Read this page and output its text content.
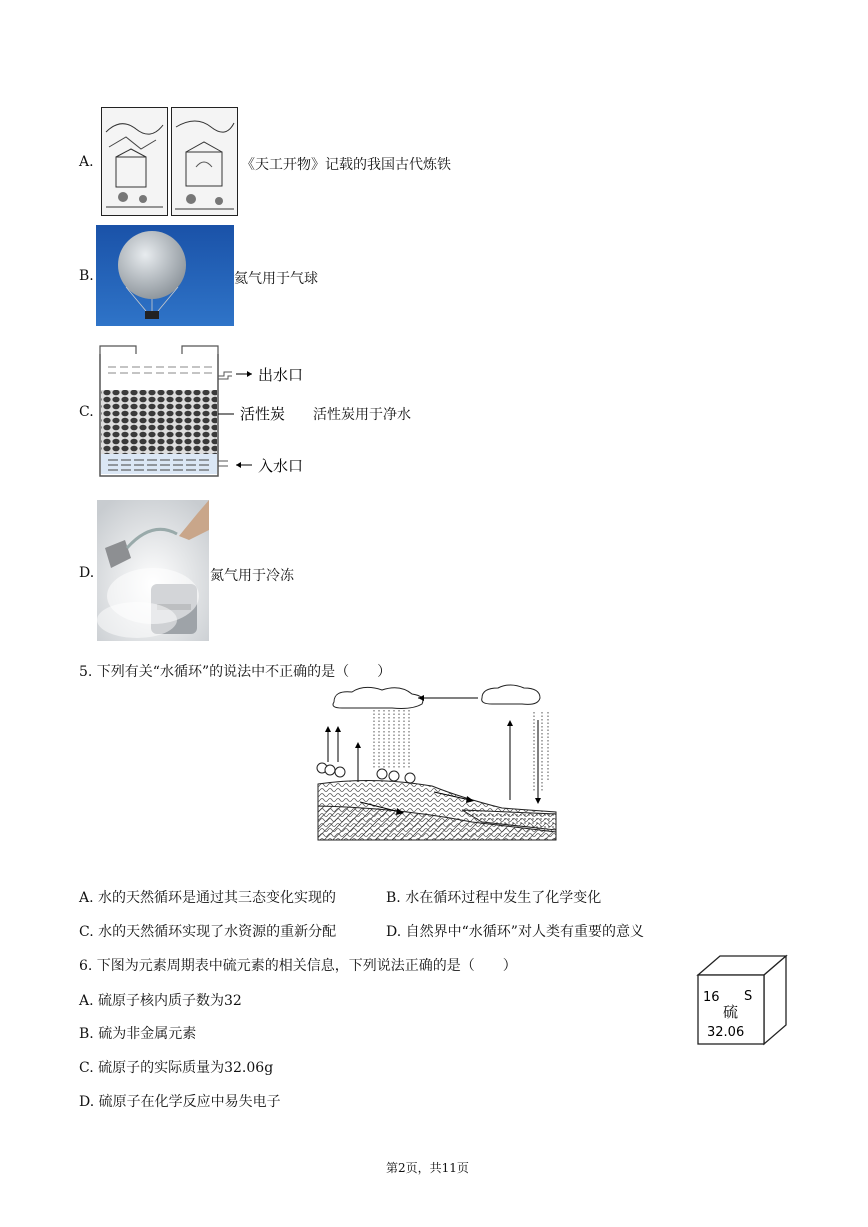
A.	《天工开物》记载的我国古代炼铁
B.	氦气用于气球
C.
出水口
入水口
活性炭 活性炭用于净水
D.	氮气用于冷冻
5. 下列有关“水循环”的说法中不正确的是（　　）
A. 水的天然循环是通过其三态变化实现的	B. 水在循环过程中发生了化学变化
C. 水的天然循环实现了水资源的重新分配	D. 自然界中“水循环”对人类有重要的意义
6. 下图为元素周期表中硫元素的相关信息，下列说法正确的是（　　）
A. 硫原子核内质子数为32
B. 硫为非金属元素
C. 硫原子的实际质量为32.06g
D. 硫原子在化学反应中易失电子
16 S
硫
32.06
第2页，共11页
